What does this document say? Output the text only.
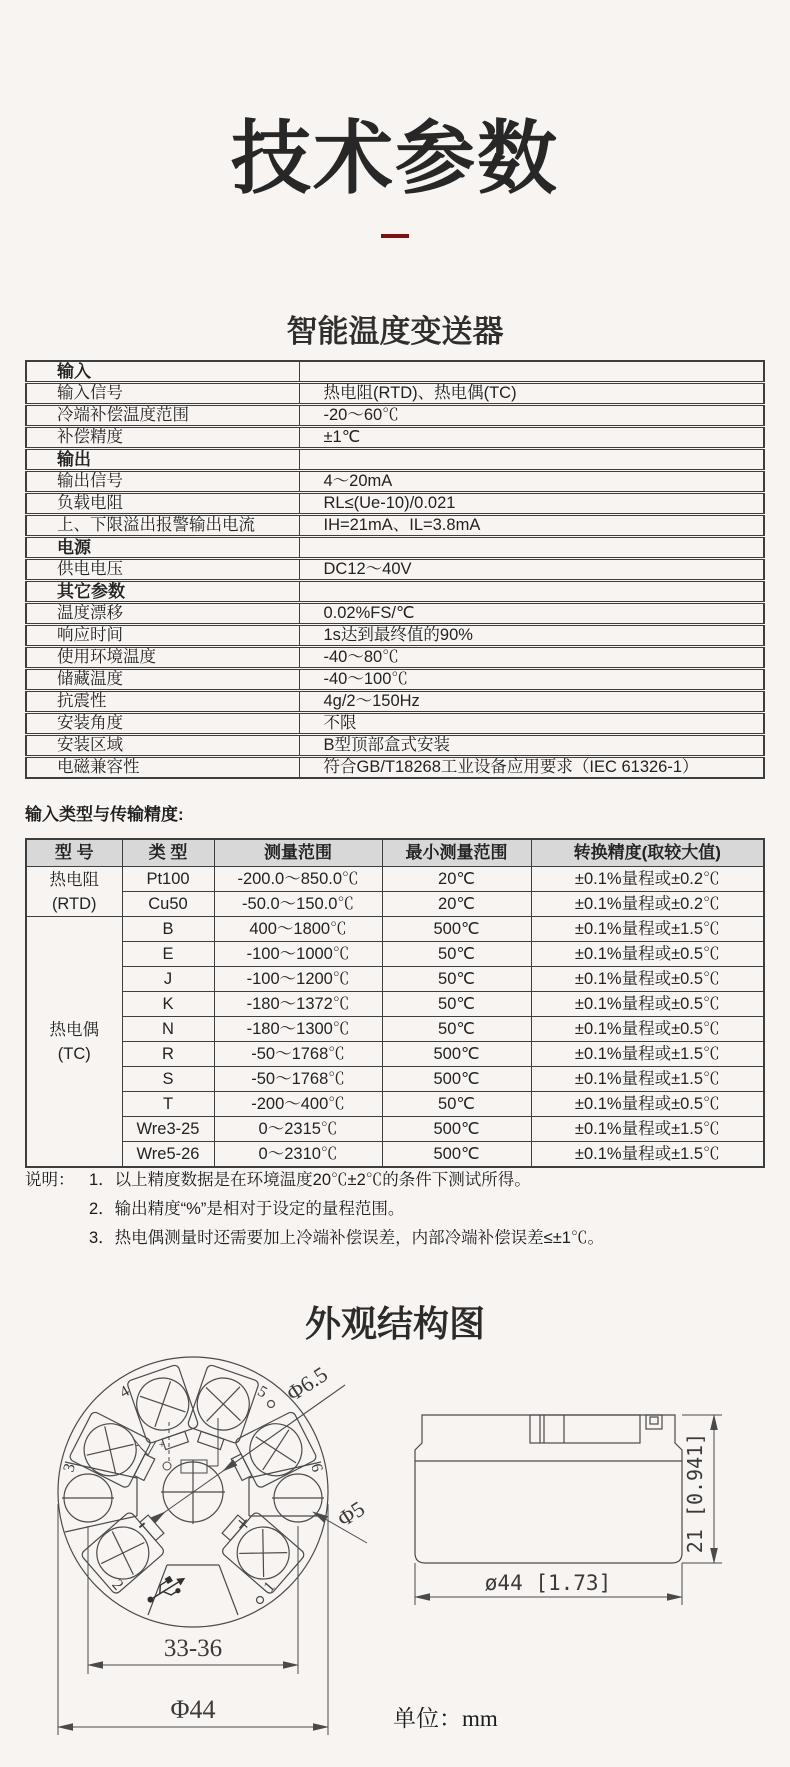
技术参数
智能温度变送器
输入	
输入信号	热电阻(RTD)、热电偶(TC)
冷端补偿温度范围	-20～60℃
补偿精度	±1℃
输出	
输出信号	4～20mA
负载电阻	RL≤(Ue-10)/0.021
上、下限溢出报警输出电流	IH=21mA、IL=3.8mA
电源	
供电电压	DC12～40V
其它参数	
温度漂移	0.02%FS/℃
响应时间	1s达到最终值的90%
使用环境温度	-40～80℃
储藏温度	-40～100℃
抗震性	4g/2～150Hz
安装角度	不限
安装区域	B型顶部盒式安装
电磁兼容性	符合GB/T18268工业设备应用要求（IEC 61326-1）
输入类型与传输精度:
型 号	类 型	测量范围	最小测量范围	转换精度(取较大值)

热电阻
(RTD)	Pt100	-200.0～850.0℃	20℃	±0.1%量程或±0.2℃
	Cu50	-50.0～150.0℃	20℃	±0.1%量程或±0.2℃

热电偶
(TC)	B	400～1800℃	500℃	±0.1%量程或±1.5℃
	E	-100～1000℃	50℃	±0.1%量程或±0.5℃
	J	-100～1200℃	50℃	±0.1%量程或±0.5℃
	K	-180～1372℃	50℃	±0.1%量程或±0.5℃
	N	-180～1300℃	50℃	±0.1%量程或±0.5℃
	R	-50～1768℃	500℃	±0.1%量程或±1.5℃
	S	-50～1768℃	500℃	±0.1%量程或±1.5℃
	T	-200～400℃	50℃	±0.1%量程或±0.5℃
	Wre3-25	0～2315℃	500℃	±0.1%量程或±1.5℃
	Wre5-26	0～2310℃	500℃	±0.1%量程或±1.5℃
说明： 1．以上精度数据是在环境温度20℃±2℃的条件下测试所得。
2．输出精度“%”是相对于设定的量程范围。
3．热电偶测量时还需要加上冷端补偿误差，内部冷端补偿误差≤±1℃。
外观结构图
4	5
3	6
2	1
-	+
- +
Φ6.5
Φ5
33-36
Φ44
21 [0.941]
ø44 [1.73]
单位：mm
